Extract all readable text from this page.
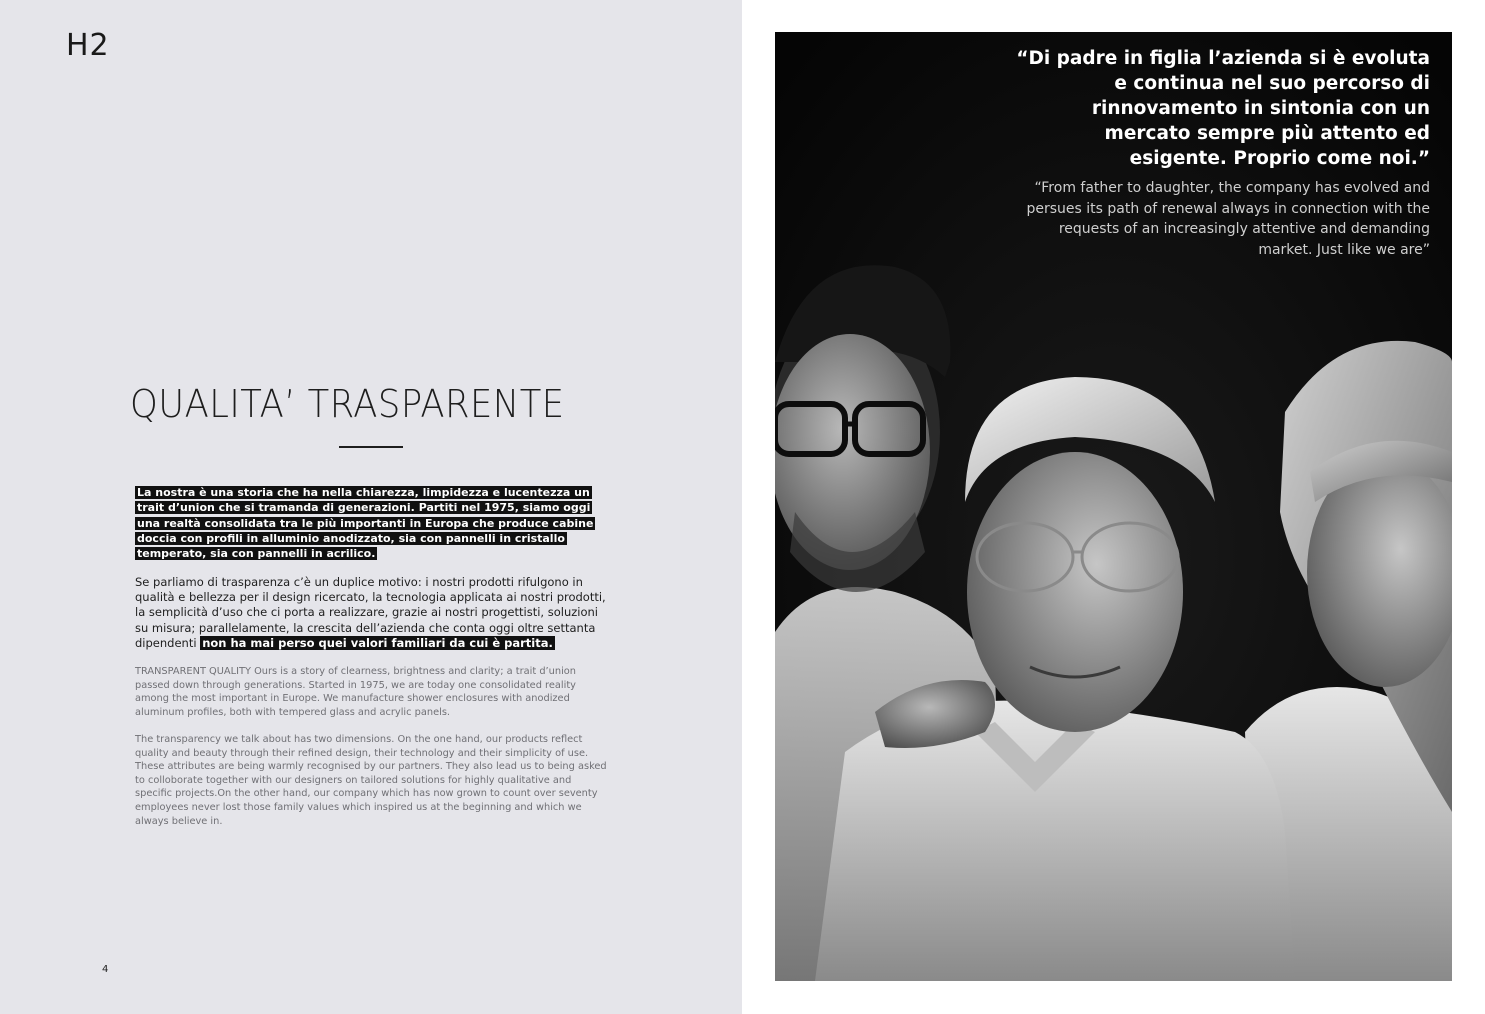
H2
QUALITA’ TRASPARENTE

La nostra è una storia che ha nella chiarezza, limpidezza e lucentezza un trait d’union che si tramanda di generazioni. Partiti nel 1975, siamo oggi una realtà consolidata tra le più importanti in Europa che produce cabine doccia con profili in alluminio anodizzato, sia con pannelli in cristallo temperato, sia con pannelli in acrilico.

Se parliamo di trasparenza c’è un duplice motivo: i nostri prodotti rifulgono in qualità e bellezza per il design ricercato, la tecnologia applicata ai nostri prodotti, la semplicità d’uso che ci porta a realizzare, grazie ai nostri progettisti, soluzioni su misura; parallelamente, la crescita dell’azienda che conta oggi oltre settanta dipendenti non ha mai perso quei valori familiari da cui è partita.

TRANSPARENT QUALITY Ours is a story of clearness, brightness and clarity; a trait d’union passed down through generations. Started in 1975, we are today one consolidated reality among the most important in Europe. We manufacture shower enclosures with anodized aluminum profiles, both with tempered glass and acrylic panels.

The transparency we talk about has two dimensions. On the one hand, our products reflect quality and beauty through their refined design, their technology and their simplicity of use. These attributes are being warmly recognised by our partners. They also lead us to being asked to colloborate together with our designers on tailored solutions for highly qualitative and specific projects.On the other hand, our company which has now grown to count over seventy employees never lost those family values which inspired us at the beginning and which we always believe in.

4

“Di padre in figlia l’azienda si è evoluta e continua nel suo percorso di rinnovamento in sintonia con un mercato sempre più attento ed esigente. Proprio come noi.”

“From father to daughter, the company has evolved and persues its path of renewal always in connection with the requests of an increasingly attentive and demanding market. Just like we are”
